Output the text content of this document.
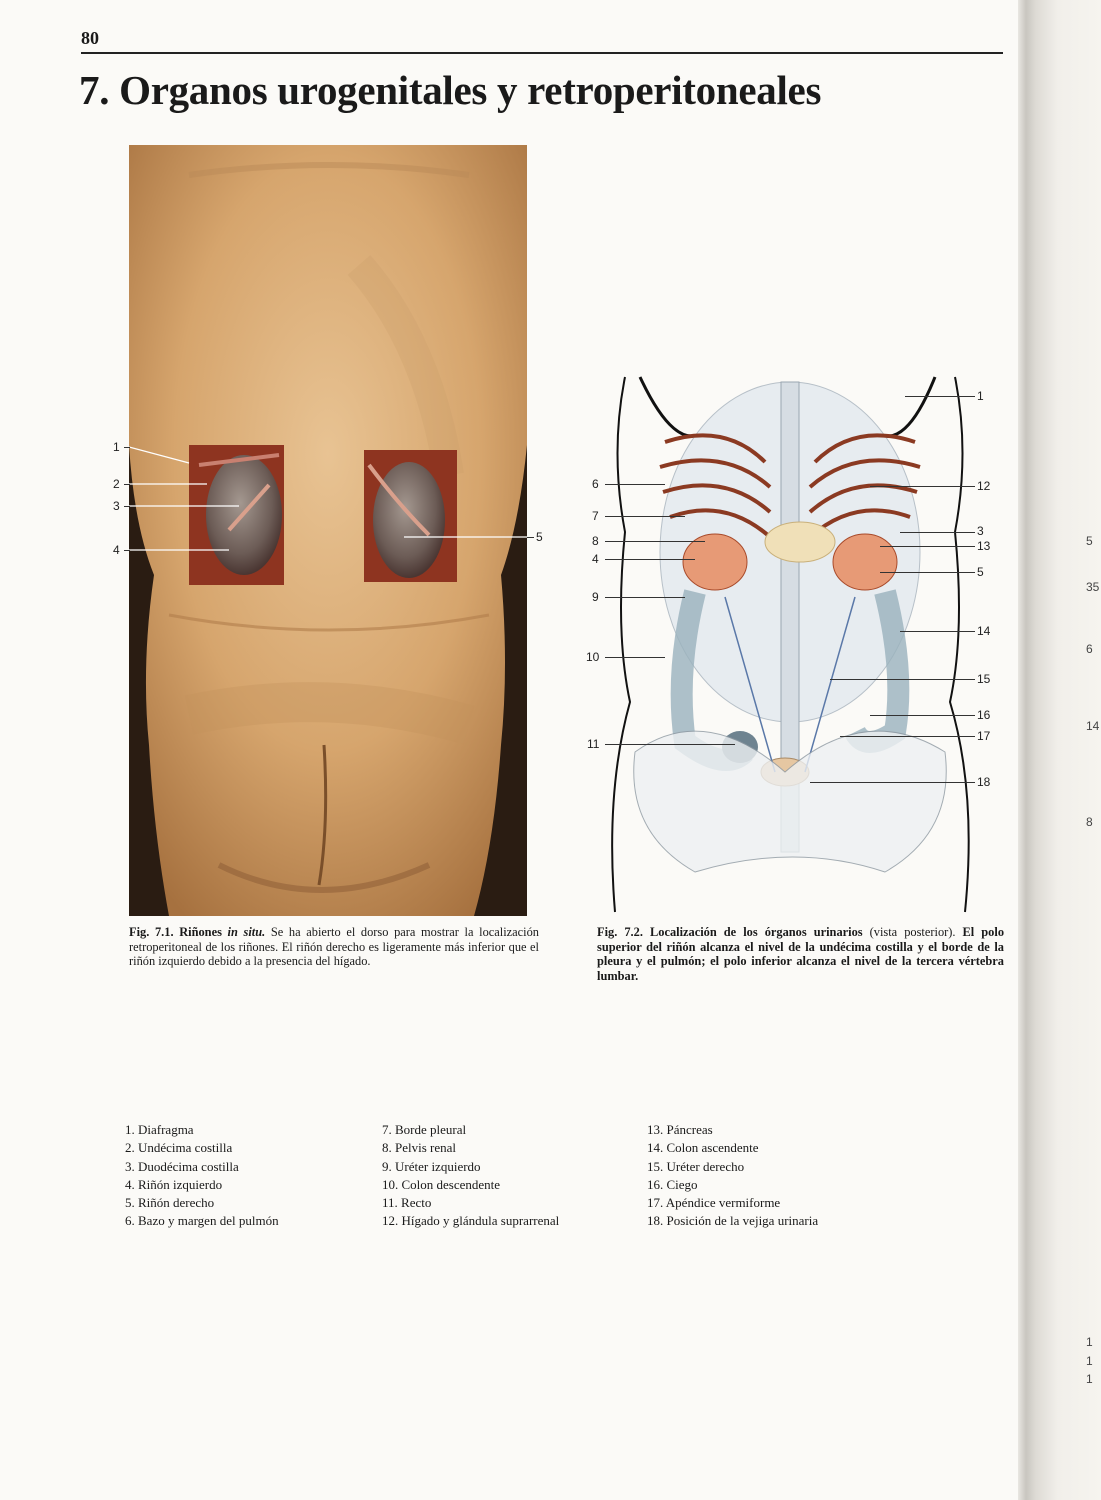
80
7. Organos urogenitales y retroperitoneales
1
2
3
4
5
6
7
8
4
9
10
11
1
12
3
13
5
14
15
16
17
18
Fig. 7.1. Riñones in situ. Se ha abierto el dorso para mostrar la localización retroperitoneal de los riñones. El riñón derecho es ligeramente más inferior que el riñón izquierdo debido a la presencia del hígado.
Fig. 7.2. Localización de los órganos urinarios (vista posterior). El polo superior del riñón alcanza el nivel de la undécima costilla y el borde de la pleura y el pulmón; el polo inferior alcanza el nivel de la tercera vértebra lumbar.
1. Diafragma
2. Undécima costilla
3. Duodécima costilla
4. Riñón izquierdo
5. Riñón derecho
6. Bazo y margen del pulmón
7. Borde pleural
8. Pelvis renal
9. Uréter izquierdo
10. Colon descendente
11. Recto
12. Hígado y glándula suprarrenal
13. Páncreas
14. Colon ascendente
15. Uréter derecho
16. Ciego
17. Apéndice vermiforme
18. Posición de la vejiga urinaria
5
35
6
14
8
1
1
1
